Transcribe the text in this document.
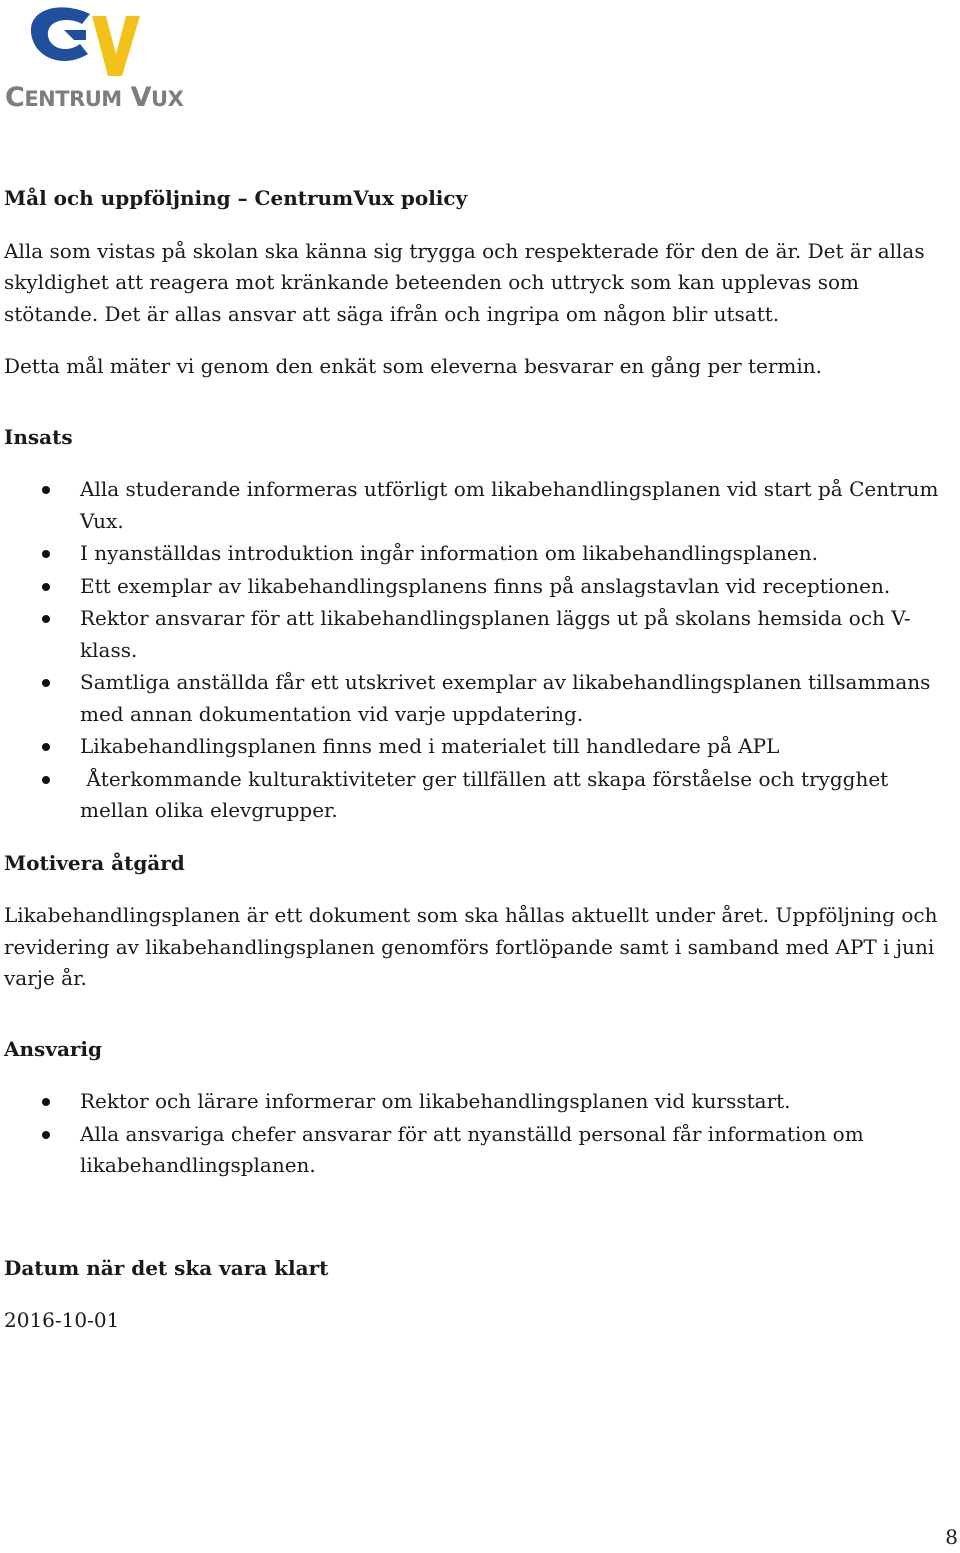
CENTRUM VUX
Mål och uppföljning – CentrumVux policy

Alla som vistas på skolan ska känna sig trygga och respekterade för den de är. Det är allas skyldighet att reagera mot kränkande beteenden och uttryck som kan upplevas som stötande. Det är allas ansvar att säga ifrån och ingripa om någon blir utsatt.

Detta mål mäter vi genom den enkät som eleverna besvarar en gång per termin.

Insats
Alla studerande informeras utförligt om likabehandlingsplanen vid start på Centrum Vux.
I nyanställdas introduktion ingår information om likabehandlingsplanen.
Ett exemplar av likabehandlingsplanens finns på anslagstavlan vid receptionen.
Rektor ansvarar för att likabehandlingsplanen läggs ut på skolans hemsida och V-klass.
Samtliga anställda får ett utskrivet exemplar av likabehandlingsplanen tillsammans med annan dokumentation vid varje uppdatering.
Likabehandlingsplanen finns med i materialet till handledare på APL
Återkommande kulturaktiviteter ger tillfällen att skapa förståelse och trygghet mellan olika elevgrupper.
Motivera åtgärd

Likabehandlingsplanen är ett dokument som ska hållas aktuellt under året. Uppföljning och revidering av likabehandlingsplanen genomförs fortlöpande samt i samband med APT i juni varje år.

Ansvarig
Rektor och lärare informerar om likabehandlingsplanen vid kursstart.
Alla ansvariga chefer ansvarar för att nyanställd personal får information om likabehandlingsplanen.
Datum när det ska vara klart

2016-10-01

8
